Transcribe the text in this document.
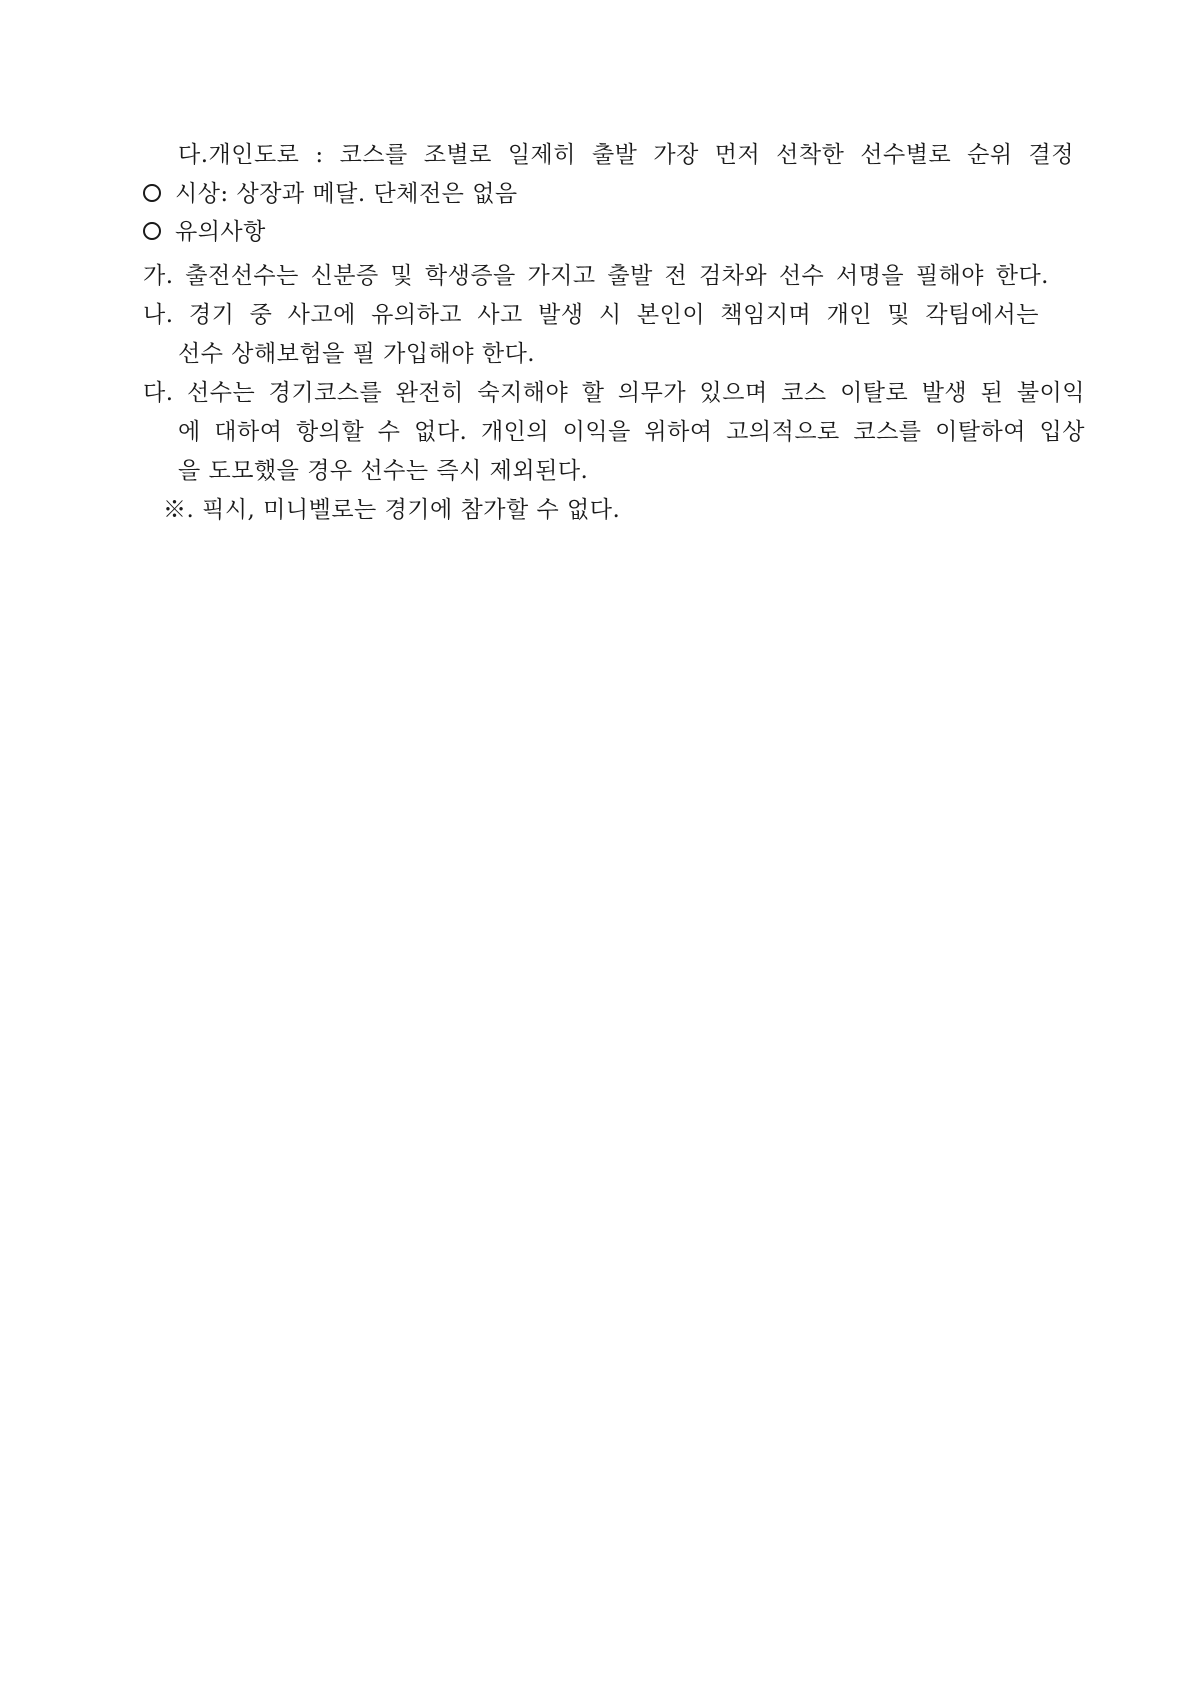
다.개인도로 : 코스를 조별로 일제히 출발 가장 먼저 선착한 선수별로 순위 결정
시상: 상장과 메달. 단체전은 없음
유의사항
가. 출전선수는 신분증 및 학생증을 가지고 출발 전 검차와 선수 서명을 필해야 한다.
나. 경기 중 사고에 유의하고 사고 발생 시 본인이 책임지며 개인 및 각팀에서는
선수 상해보험을 필 가입해야 한다.
다. 선수는 경기코스를 완전히 숙지해야 할 의무가 있으며 코스 이탈로 발생 된 불이익
에 대하여 항의할 수 없다. 개인의 이익을 위하여 고의적으로 코스를 이탈하여 입상
을 도모했을 경우 선수는 즉시 제외된다.
※. 픽시, 미니벨로는 경기에 참가할 수 없다.
